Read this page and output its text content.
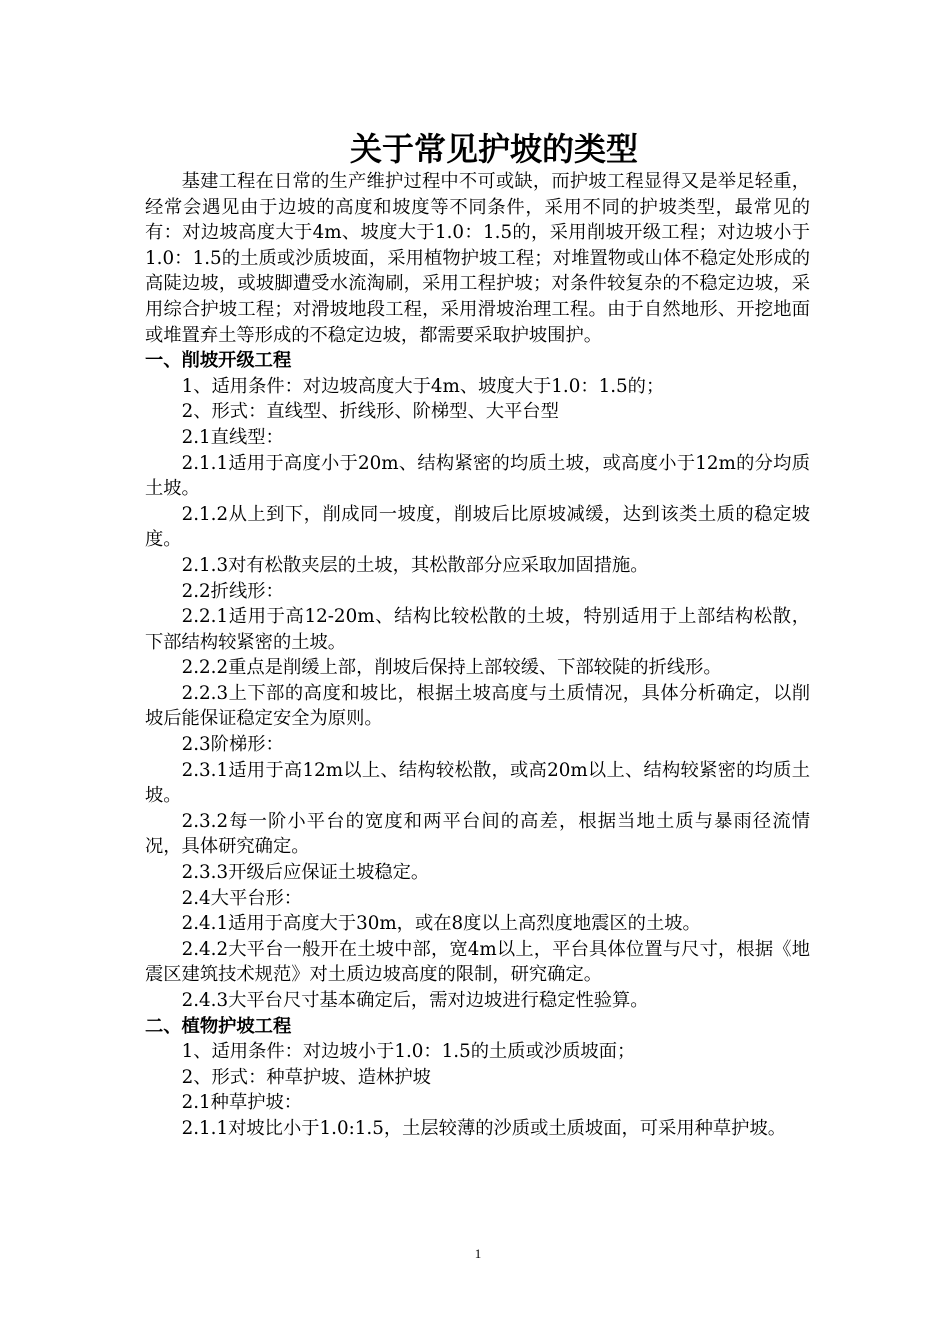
关于常见护坡的类型

基建工程在日常的生产维护过程中不可或缺，而护坡工程显得又是举足轻重，经常会遇见由于边坡的高度和坡度等不同条件，采用不同的护坡类型，最常见的有：对边坡高度大于4m、坡度大于1.0：1.5的，采用削坡开级工程；对边坡小于1.0：1.5的土质或沙质坡面，采用植物护坡工程；对堆置物或山体不稳定处形成的高陡边坡，或坡脚遭受水流淘刷，采用工程护坡；对条件较复杂的不稳定边坡，采用综合护坡工程；对滑坡地段工程，采用滑坡治理工程。由于自然地形、开挖地面或堆置弃土等形成的不稳定边坡，都需要采取护坡围护。

一、削坡开级工程

1、适用条件：对边坡高度大于4m、坡度大于1.0：1.5的；

2、形式：直线型、折线形、阶梯型、大平台型

2.1直线型：

2.1.1适用于高度小于20m、结构紧密的均质土坡，或高度小于12m的分均质土坡。

2.1.2从上到下，削成同一坡度，削坡后比原坡减缓，达到该类土质的稳定坡度。

2.1.3对有松散夹层的土坡，其松散部分应采取加固措施。

2.2折线形：

2.2.1适用于高12-20m、结构比较松散的土坡，特别适用于上部结构松散，下部结构较紧密的土坡。

2.2.2重点是削缓上部，削坡后保持上部较缓、下部较陡的折线形。

2.2.3上下部的高度和坡比，根据土坡高度与土质情况，具体分析确定，以削坡后能保证稳定安全为原则。

2.3阶梯形：

2.3.1适用于高12m以上、结构较松散，或高20m以上、结构较紧密的均质土坡。

2.3.2每一阶小平台的宽度和两平台间的高差，根据当地土质与暴雨径流情况，具体研究确定。

2.3.3开级后应保证土坡稳定。

2.4大平台形：

2.4.1适用于高度大于30m，或在8度以上高烈度地震区的土坡。

2.4.2大平台一般开在土坡中部，宽4m以上，平台具体位置与尺寸，根据《地震区建筑技术规范》对土质边坡高度的限制，研究确定。

2.4.3大平台尺寸基本确定后，需对边坡进行稳定性验算。

二、植物护坡工程

1、适用条件：对边坡小于1.0：1.5的土质或沙质坡面；

2、形式：种草护坡、造林护坡

2.1种草护坡：

2.1.1对坡比小于1.0:1.5，土层较薄的沙质或土质坡面，可采用种草护坡。

1
